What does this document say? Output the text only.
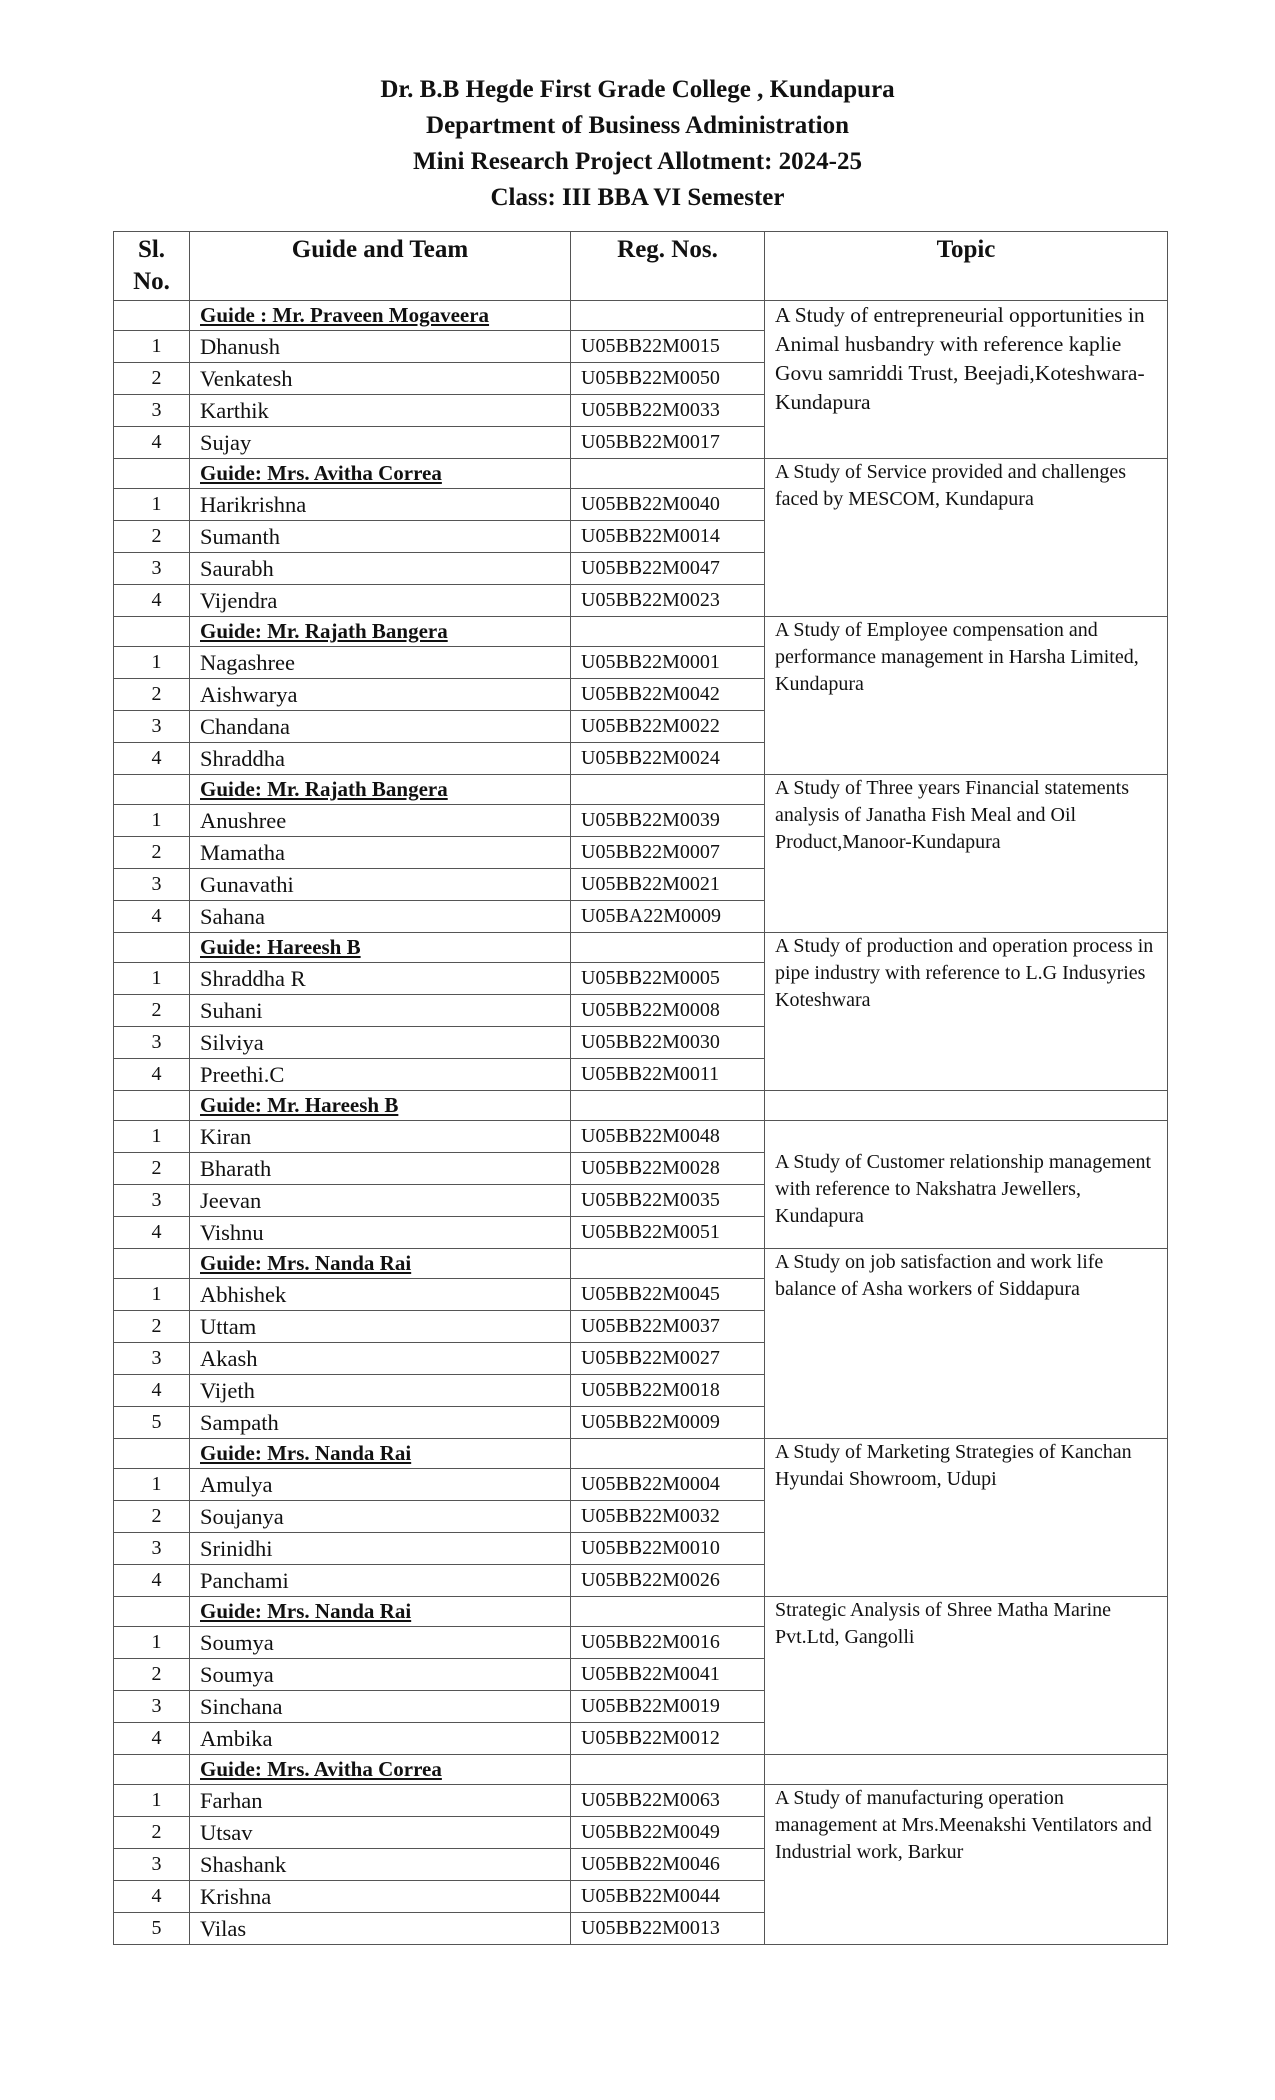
Dr. B.B Hegde First Grade College , Kundapura
Department of Business Administration
Mini Research Project Allotment: 2024-25
Class: III BBA VI Semester
Sl.
No.	Guide and Team	Reg. Nos.	Topic
	Guide : Mr. Praveen Mogaveera		A Study of entrepreneurial opportunities in Animal husbandry with reference kaplie Govu samriddi Trust, Beejadi,Koteshwara-Kundapura
1	Dhanush	U05BB22M0015	
2	Venkatesh	U05BB22M0050	
3	Karthik	U05BB22M0033	
4	Sujay	U05BB22M0017	
	Guide: Mrs. Avitha Correa		A Study of Service provided and challenges faced by MESCOM, Kundapura
1	Harikrishna	U05BB22M0040	
2	Sumanth	U05BB22M0014	
3	Saurabh	U05BB22M0047	
4	Vijendra	U05BB22M0023	
	Guide: Mr. Rajath Bangera		A Study of Employee compensation and performance management in Harsha Limited, Kundapura
1	Nagashree	U05BB22M0001	
2	Aishwarya	U05BB22M0042	
3	Chandana	U05BB22M0022	
4	Shraddha	U05BB22M0024	
	Guide: Mr. Rajath Bangera		A Study of Three years Financial statements analysis of Janatha Fish Meal and Oil Product,Manoor-Kundapura
1	Anushree	U05BB22M0039	
2	Mamatha	U05BB22M0007	
3	Gunavathi	U05BB22M0021	
4	Sahana	U05BA22M0009	
	Guide: Hareesh B		A Study of production and operation process in pipe industry with reference to L.G Indusyries Koteshwara
1	Shraddha R	U05BB22M0005	
2	Suhani	U05BB22M0008	
3	Silviya	U05BB22M0030	
4	Preethi.C	U05BB22M0011	
	Guide: Mr. Hareesh B		
1	Kiran	U05BB22M0048	A Study of Customer relationship management with reference to Nakshatra Jewellers, Kundapura
2	Bharath	U05BB22M0028	
3	Jeevan	U05BB22M0035	
4	Vishnu	U05BB22M0051	
	Guide: Mrs. Nanda Rai		A Study on job satisfaction and work life balance of Asha workers of Siddapura
1	Abhishek	U05BB22M0045	
2	Uttam	U05BB22M0037	
3	Akash	U05BB22M0027	
4	Vijeth	U05BB22M0018	
5	Sampath	U05BB22M0009	
	Guide: Mrs. Nanda Rai		A Study of Marketing Strategies of Kanchan Hyundai Showroom, Udupi
1	Amulya	U05BB22M0004	
2	Soujanya	U05BB22M0032	
3	Srinidhi	U05BB22M0010	
4	Panchami	U05BB22M0026	
	Guide: Mrs. Nanda Rai		Strategic Analysis of Shree Matha Marine Pvt.Ltd, Gangolli
1	Soumya	U05BB22M0016	
2	Soumya	U05BB22M0041	
3	Sinchana	U05BB22M0019	
4	Ambika	U05BB22M0012	
	Guide: Mrs. Avitha Correa		
1	Farhan	U05BB22M0063	A Study of manufacturing operation management at Mrs.Meenakshi Ventilators and Industrial work, Barkur
2	Utsav	U05BB22M0049	
3	Shashank	U05BB22M0046	
4	Krishna	U05BB22M0044	
5	Vilas	U05BB22M0013	
